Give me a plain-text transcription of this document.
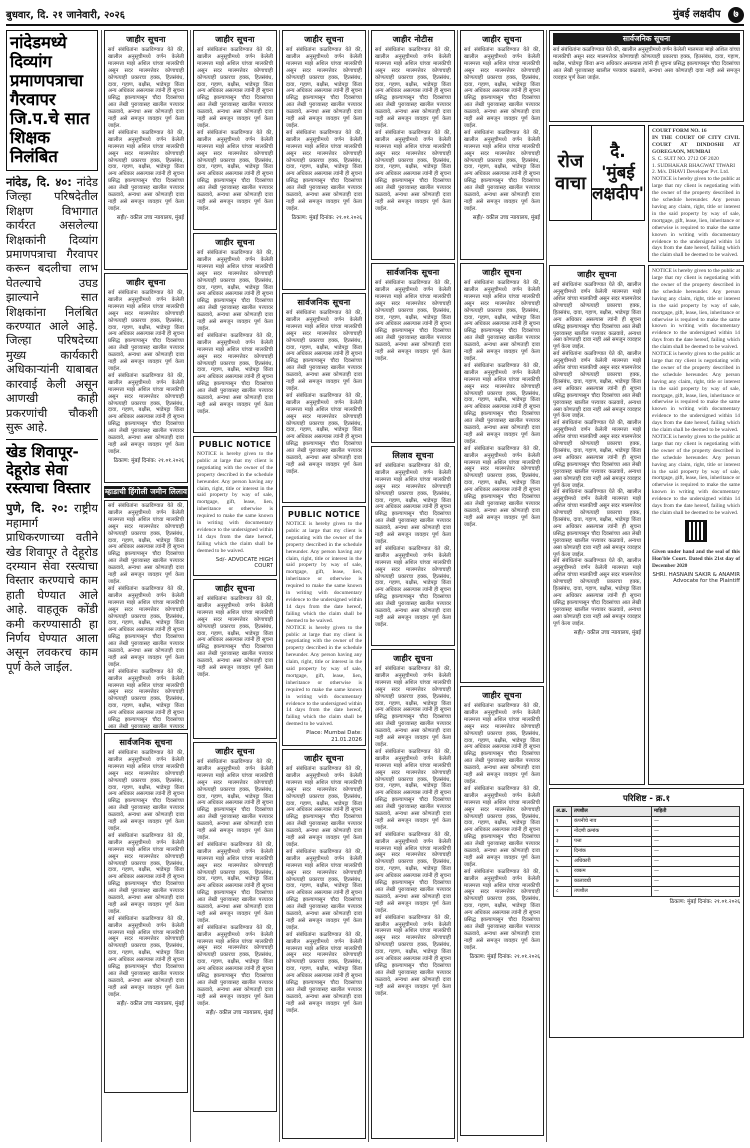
बुधवार, दि. २१ जानेवारी, २०२६	मुंबई लक्षदीप ७
नांदेडमध्ये दिव्यांग प्रमाणपत्राचा गैरवापर जि.प.चे सात शिक्षक निलंबित
नांदेड, दि. ४०: नांदेड जिल्हा परिषदेतील शिक्षण विभागात कार्यरत असलेल्या शिक्षकांनी दिव्यांग प्रमाणपत्राचा गैरवापर करून बदलीचा लाभ घेतल्याचे उघड झाल्याने सात शिक्षकांना निलंबित करण्यात आले आहे. जिल्हा परिषदेच्या मुख्य कार्यकारी अधिकाऱ्यांनी याबाबत कारवाई केली असून आणखी काही प्रकरणांची चौकशी सुरू आहे.
खेड शिवापूर-देहूरोड सेवा रस्त्याचा विस्तार
पुणे, दि. २०: राष्ट्रीय महामार्ग प्राधिकरणाच्या वतीने खेड शिवापूर ते देहूरोड दरम्यान सेवा रस्त्याचा विस्तार करण्याचे काम हाती घेण्यात आले आहे. वाहतूक कोंडी कमी करण्यासाठी हा निर्णय घेण्यात आला असून लवकरच काम पूर्ण केले जाईल.
जाहीर सूचना
सर्व संबंधितांना कळविण्यात येते की, खालील अनुसूचीमध्ये वर्णन केलेली मालमत्ता माझे अशिल यांच्या मालकीची असून सदर मालमत्तेवर कोणाचाही कोणत्याही प्रकारचा हक्क, हितसंबंध, दावा, गहाण, बक्षीस, भाडेपट्टा किंवा अन्य अधिकार असल्यास त्यांनी ही सूचना प्रसिद्ध झाल्यापासून चौदा दिवसांच्या आत लेखी पुराव्यासह खालील पत्त्यावर कळवावे, अन्यथा असा कोणताही दावा नाही असे समजून व्यवहार पूर्ण केला जाईल.
सर्व संबंधितांना कळविण्यात येते की, खालील अनुसूचीमध्ये वर्णन केलेली मालमत्ता माझे अशिल यांच्या मालकीची असून सदर मालमत्तेवर कोणाचाही कोणत्याही प्रकारचा हक्क, हितसंबंध, दावा, गहाण, बक्षीस, भाडेपट्टा किंवा अन्य अधिकार असल्यास त्यांनी ही सूचना प्रसिद्ध झाल्यापासून चौदा दिवसांच्या आत लेखी पुराव्यासह खालील पत्त्यावर कळवावे, अन्यथा असा कोणताही दावा नाही असे समजून व्यवहार पूर्ण केला जाईल.
सही/- वकील उच्च न्यायालय, मुंबई
जाहीर सूचना
सर्व संबंधितांना कळविण्यात येते की, खालील अनुसूचीमध्ये वर्णन केलेली मालमत्ता माझे अशिल यांच्या मालकीची असून सदर मालमत्तेवर कोणाचाही कोणत्याही प्रकारचा हक्क, हितसंबंध, दावा, गहाण, बक्षीस, भाडेपट्टा किंवा अन्य अधिकार असल्यास त्यांनी ही सूचना प्रसिद्ध झाल्यापासून चौदा दिवसांच्या आत लेखी पुराव्यासह खालील पत्त्यावर कळवावे, अन्यथा असा कोणताही दावा नाही असे समजून व्यवहार पूर्ण केला जाईल.
सर्व संबंधितांना कळविण्यात येते की, खालील अनुसूचीमध्ये वर्णन केलेली मालमत्ता माझे अशिल यांच्या मालकीची असून सदर मालमत्तेवर कोणाचाही कोणत्याही प्रकारचा हक्क, हितसंबंध, दावा, गहाण, बक्षीस, भाडेपट्टा किंवा अन्य अधिकार असल्यास त्यांनी ही सूचना प्रसिद्ध झाल्यापासून चौदा दिवसांच्या आत लेखी पुराव्यासह खालील पत्त्यावर कळवावे, अन्यथा असा कोणताही दावा नाही असे समजून व्यवहार पूर्ण केला जाईल.
ठिकाण: मुंबई दिनांक: २१.०१.२०२६
म्हाडाची हिंगोली जमीन लिलाव
सर्व संबंधितांना कळविण्यात येते की, खालील अनुसूचीमध्ये वर्णन केलेली मालमत्ता माझे अशिल यांच्या मालकीची असून सदर मालमत्तेवर कोणाचाही कोणत्याही प्रकारचा हक्क, हितसंबंध, दावा, गहाण, बक्षीस, भाडेपट्टा किंवा अन्य अधिकार असल्यास त्यांनी ही सूचना प्रसिद्ध झाल्यापासून चौदा दिवसांच्या आत लेखी पुराव्यासह खालील पत्त्यावर कळवावे, अन्यथा असा कोणताही दावा नाही असे समजून व्यवहार पूर्ण केला जाईल.
सर्व संबंधितांना कळविण्यात येते की, खालील अनुसूचीमध्ये वर्णन केलेली मालमत्ता माझे अशिल यांच्या मालकीची असून सदर मालमत्तेवर कोणाचाही कोणत्याही प्रकारचा हक्क, हितसंबंध, दावा, गहाण, बक्षीस, भाडेपट्टा किंवा अन्य अधिकार असल्यास त्यांनी ही सूचना प्रसिद्ध झाल्यापासून चौदा दिवसांच्या आत लेखी पुराव्यासह खालील पत्त्यावर कळवावे, अन्यथा असा कोणताही दावा नाही असे समजून व्यवहार पूर्ण केला जाईल.
सर्व संबंधितांना कळविण्यात येते की, खालील अनुसूचीमध्ये वर्णन केलेली मालमत्ता माझे अशिल यांच्या मालकीची असून सदर मालमत्तेवर कोणाचाही कोणत्याही प्रकारचा हक्क, हितसंबंध, दावा, गहाण, बक्षीस, भाडेपट्टा किंवा अन्य अधिकार असल्यास त्यांनी ही सूचना प्रसिद्ध झाल्यापासून चौदा दिवसांच्या आत लेखी पुराव्यासह खालील पत्त्यावर
सार्वजनिक सूचना
सर्व संबंधितांना कळविण्यात येते की, खालील अनुसूचीमध्ये वर्णन केलेली मालमत्ता माझे अशिल यांच्या मालकीची असून सदर मालमत्तेवर कोणाचाही कोणत्याही प्रकारचा हक्क, हितसंबंध, दावा, गहाण, बक्षीस, भाडेपट्टा किंवा अन्य अधिकार असल्यास त्यांनी ही सूचना प्रसिद्ध झाल्यापासून चौदा दिवसांच्या आत लेखी पुराव्यासह खालील पत्त्यावर कळवावे, अन्यथा असा कोणताही दावा नाही असे समजून व्यवहार पूर्ण केला जाईल.
सर्व संबंधितांना कळविण्यात येते की, खालील अनुसूचीमध्ये वर्णन केलेली मालमत्ता माझे अशिल यांच्या मालकीची असून सदर मालमत्तेवर कोणाचाही कोणत्याही प्रकारचा हक्क, हितसंबंध, दावा, गहाण, बक्षीस, भाडेपट्टा किंवा अन्य अधिकार असल्यास त्यांनी ही सूचना प्रसिद्ध झाल्यापासून चौदा दिवसांच्या आत लेखी पुराव्यासह खालील पत्त्यावर कळवावे, अन्यथा असा कोणताही दावा नाही असे समजून व्यवहार पूर्ण केला जाईल.
सर्व संबंधितांना कळविण्यात येते की, खालील अनुसूचीमध्ये वर्णन केलेली मालमत्ता माझे अशिल यांच्या मालकीची असून सदर मालमत्तेवर कोणाचाही कोणत्याही प्रकारचा हक्क, हितसंबंध, दावा, गहाण, बक्षीस, भाडेपट्टा किंवा अन्य अधिकार असल्यास त्यांनी ही सूचना प्रसिद्ध झाल्यापासून चौदा दिवसांच्या आत लेखी पुराव्यासह खालील पत्त्यावर कळवावे, अन्यथा असा कोणताही दावा नाही असे समजून व्यवहार पूर्ण केला जाईल.
सही/- वकील उच्च न्यायालय, मुंबई
जाहीर सूचना
सर्व संबंधितांना कळविण्यात येते की, खालील अनुसूचीमध्ये वर्णन केलेली मालमत्ता माझे अशिल यांच्या मालकीची असून सदर मालमत्तेवर कोणाचाही कोणत्याही प्रकारचा हक्क, हितसंबंध, दावा, गहाण, बक्षीस, भाडेपट्टा किंवा अन्य अधिकार असल्यास त्यांनी ही सूचना प्रसिद्ध झाल्यापासून चौदा दिवसांच्या आत लेखी पुराव्यासह खालील पत्त्यावर कळवावे, अन्यथा असा कोणताही दावा नाही असे समजून व्यवहार पूर्ण केला जाईल.
सर्व संबंधितांना कळविण्यात येते की, खालील अनुसूचीमध्ये वर्णन केलेली मालमत्ता माझे अशिल यांच्या मालकीची असून सदर मालमत्तेवर कोणाचाही कोणत्याही प्रकारचा हक्क, हितसंबंध, दावा, गहाण, बक्षीस, भाडेपट्टा किंवा अन्य अधिकार असल्यास त्यांनी ही सूचना प्रसिद्ध झाल्यापासून चौदा दिवसांच्या आत लेखी पुराव्यासह खालील पत्त्यावर कळवावे, अन्यथा असा कोणताही दावा नाही असे समजून व्यवहार पूर्ण केला जाईल.
जाहीर सूचना
सर्व संबंधितांना कळविण्यात येते की, खालील अनुसूचीमध्ये वर्णन केलेली मालमत्ता माझे अशिल यांच्या मालकीची असून सदर मालमत्तेवर कोणाचाही कोणत्याही प्रकारचा हक्क, हितसंबंध, दावा, गहाण, बक्षीस, भाडेपट्टा किंवा अन्य अधिकार असल्यास त्यांनी ही सूचना प्रसिद्ध झाल्यापासून चौदा दिवसांच्या आत लेखी पुराव्यासह खालील पत्त्यावर कळवावे, अन्यथा असा कोणताही दावा नाही असे समजून व्यवहार पूर्ण केला जाईल.
सर्व संबंधितांना कळविण्यात येते की, खालील अनुसूचीमध्ये वर्णन केलेली मालमत्ता माझे अशिल यांच्या मालकीची असून सदर मालमत्तेवर कोणाचाही कोणत्याही प्रकारचा हक्क, हितसंबंध, दावा, गहाण, बक्षीस, भाडेपट्टा किंवा अन्य अधिकार असल्यास त्यांनी ही सूचना प्रसिद्ध झाल्यापासून चौदा दिवसांच्या आत लेखी पुराव्यासह खालील पत्त्यावर कळवावे, अन्यथा असा कोणताही दावा नाही असे समजून व्यवहार पूर्ण केला जाईल.
PUBLIC NOTICE
NOTICE is hereby given to the public at large that my client is negotiating with the owner of the property described in the schedule hereunder. Any person having any claim, right, title or interest in the said property by way of sale, mortgage, gift, lease, lien, inheritance or otherwise is required to make the same known in writing with documentary evidence to the undersigned within 14 days from the date hereof, failing which the claim shall be deemed to be waived.
Sd/- ADVOCATE HIGH COURT
जाहीर सूचना
सर्व संबंधितांना कळविण्यात येते की, खालील अनुसूचीमध्ये वर्णन केलेली मालमत्ता माझे अशिल यांच्या मालकीची असून सदर मालमत्तेवर कोणाचाही कोणत्याही प्रकारचा हक्क, हितसंबंध, दावा, गहाण, बक्षीस, भाडेपट्टा किंवा अन्य अधिकार असल्यास त्यांनी ही सूचना प्रसिद्ध झाल्यापासून चौदा दिवसांच्या आत लेखी पुराव्यासह खालील पत्त्यावर कळवावे, अन्यथा असा कोणताही दावा नाही असे समजून व्यवहार पूर्ण केला जाईल.
जाहीर सूचना
सर्व संबंधितांना कळविण्यात येते की, खालील अनुसूचीमध्ये वर्णन केलेली मालमत्ता माझे अशिल यांच्या मालकीची असून सदर मालमत्तेवर कोणाचाही कोणत्याही प्रकारचा हक्क, हितसंबंध, दावा, गहाण, बक्षीस, भाडेपट्टा किंवा अन्य अधिकार असल्यास त्यांनी ही सूचना प्रसिद्ध झाल्यापासून चौदा दिवसांच्या आत लेखी पुराव्यासह खालील पत्त्यावर कळवावे, अन्यथा असा कोणताही दावा नाही असे समजून व्यवहार पूर्ण केला जाईल.
सर्व संबंधितांना कळविण्यात येते की, खालील अनुसूचीमध्ये वर्णन केलेली मालमत्ता माझे अशिल यांच्या मालकीची असून सदर मालमत्तेवर कोणाचाही कोणत्याही प्रकारचा हक्क, हितसंबंध, दावा, गहाण, बक्षीस, भाडेपट्टा किंवा अन्य अधिकार असल्यास त्यांनी ही सूचना प्रसिद्ध झाल्यापासून चौदा दिवसांच्या आत लेखी पुराव्यासह खालील पत्त्यावर कळवावे, अन्यथा असा कोणताही दावा नाही असे समजून व्यवहार पूर्ण केला जाईल.
सर्व संबंधितांना कळविण्यात येते की, खालील अनुसूचीमध्ये वर्णन केलेली मालमत्ता माझे अशिल यांच्या मालकीची असून सदर मालमत्तेवर कोणाचाही कोणत्याही प्रकारचा हक्क, हितसंबंध, दावा, गहाण, बक्षीस, भाडेपट्टा किंवा अन्य अधिकार असल्यास त्यांनी ही सूचना प्रसिद्ध झाल्यापासून चौदा दिवसांच्या आत लेखी पुराव्यासह खालील पत्त्यावर कळवावे, अन्यथा असा कोणताही दावा नाही असे समजून व्यवहार पूर्ण केला जाईल.
सही/- वकील उच्च न्यायालय, मुंबई
जाहीर सूचना
सर्व संबंधितांना कळविण्यात येते की, खालील अनुसूचीमध्ये वर्णन केलेली मालमत्ता माझे अशिल यांच्या मालकीची असून सदर मालमत्तेवर कोणाचाही कोणत्याही प्रकारचा हक्क, हितसंबंध, दावा, गहाण, बक्षीस, भाडेपट्टा किंवा अन्य अधिकार असल्यास त्यांनी ही सूचना प्रसिद्ध झाल्यापासून चौदा दिवसांच्या आत लेखी पुराव्यासह खालील पत्त्यावर कळवावे, अन्यथा असा कोणताही दावा नाही असे समजून व्यवहार पूर्ण केला जाईल.
सर्व संबंधितांना कळविण्यात येते की, खालील अनुसूचीमध्ये वर्णन केलेली मालमत्ता माझे अशिल यांच्या मालकीची असून सदर मालमत्तेवर कोणाचाही कोणत्याही प्रकारचा हक्क, हितसंबंध, दावा, गहाण, बक्षीस, भाडेपट्टा किंवा अन्य अधिकार असल्यास त्यांनी ही सूचना प्रसिद्ध झाल्यापासून चौदा दिवसांच्या आत लेखी पुराव्यासह खालील पत्त्यावर कळवावे, अन्यथा असा कोणताही दावा नाही असे समजून व्यवहार पूर्ण केला जाईल.
ठिकाण: मुंबई दिनांक: २१.०१.२०२६
सार्वजनिक सूचना
सर्व संबंधितांना कळविण्यात येते की, खालील अनुसूचीमध्ये वर्णन केलेली मालमत्ता माझे अशिल यांच्या मालकीची असून सदर मालमत्तेवर कोणाचाही कोणत्याही प्रकारचा हक्क, हितसंबंध, दावा, गहाण, बक्षीस, भाडेपट्टा किंवा अन्य अधिकार असल्यास त्यांनी ही सूचना प्रसिद्ध झाल्यापासून चौदा दिवसांच्या आत लेखी पुराव्यासह खालील पत्त्यावर कळवावे, अन्यथा असा कोणताही दावा नाही असे समजून व्यवहार पूर्ण केला जाईल.
सर्व संबंधितांना कळविण्यात येते की, खालील अनुसूचीमध्ये वर्णन केलेली मालमत्ता माझे अशिल यांच्या मालकीची असून सदर मालमत्तेवर कोणाचाही कोणत्याही प्रकारचा हक्क, हितसंबंध, दावा, गहाण, बक्षीस, भाडेपट्टा किंवा अन्य अधिकार असल्यास त्यांनी ही सूचना प्रसिद्ध झाल्यापासून चौदा दिवसांच्या आत लेखी पुराव्यासह खालील पत्त्यावर कळवावे, अन्यथा असा कोणताही दावा नाही असे समजून व्यवहार पूर्ण केला जाईल.
PUBLIC NOTICE
NOTICE is hereby given to the public at large that my client is negotiating with the owner of the property described in the schedule hereunder. Any person having any claim, right, title or interest in the said property by way of sale, mortgage, gift, lease, lien, inheritance or otherwise is required to make the same known in writing with documentary evidence to the undersigned within 14 days from the date hereof, failing which the claim shall be deemed to be waived.
NOTICE is hereby given to the public at large that my client is negotiating with the owner of the property described in the schedule hereunder. Any person having any claim, right, title or interest in the said property by way of sale, mortgage, gift, lease, lien, inheritance or otherwise is required to make the same known in writing with documentary evidence to the undersigned within 14 days from the date hereof, failing which the claim shall be deemed to be waived.
Place: Mumbai Date: 21.01.2026
जाहीर सूचना
सर्व संबंधितांना कळविण्यात येते की, खालील अनुसूचीमध्ये वर्णन केलेली मालमत्ता माझे अशिल यांच्या मालकीची असून सदर मालमत्तेवर कोणाचाही कोणत्याही प्रकारचा हक्क, हितसंबंध, दावा, गहाण, बक्षीस, भाडेपट्टा किंवा अन्य अधिकार असल्यास त्यांनी ही सूचना प्रसिद्ध झाल्यापासून चौदा दिवसांच्या आत लेखी पुराव्यासह खालील पत्त्यावर कळवावे, अन्यथा असा कोणताही दावा नाही असे समजून व्यवहार पूर्ण केला जाईल.
सर्व संबंधितांना कळविण्यात येते की, खालील अनुसूचीमध्ये वर्णन केलेली मालमत्ता माझे अशिल यांच्या मालकीची असून सदर मालमत्तेवर कोणाचाही कोणत्याही प्रकारचा हक्क, हितसंबंध, दावा, गहाण, बक्षीस, भाडेपट्टा किंवा अन्य अधिकार असल्यास त्यांनी ही सूचना प्रसिद्ध झाल्यापासून चौदा दिवसांच्या आत लेखी पुराव्यासह खालील पत्त्यावर कळवावे, अन्यथा असा कोणताही दावा नाही असे समजून व्यवहार पूर्ण केला जाईल.
सर्व संबंधितांना कळविण्यात येते की, खालील अनुसूचीमध्ये वर्णन केलेली मालमत्ता माझे अशिल यांच्या मालकीची असून सदर मालमत्तेवर कोणाचाही कोणत्याही प्रकारचा हक्क, हितसंबंध, दावा, गहाण, बक्षीस, भाडेपट्टा किंवा अन्य अधिकार असल्यास त्यांनी ही सूचना प्रसिद्ध झाल्यापासून चौदा दिवसांच्या आत लेखी पुराव्यासह खालील पत्त्यावर कळवावे, अन्यथा असा कोणताही दावा नाही असे समजून व्यवहार पूर्ण केला जाईल.
जाहीर नोटीस
सर्व संबंधितांना कळविण्यात येते की, खालील अनुसूचीमध्ये वर्णन केलेली मालमत्ता माझे अशिल यांच्या मालकीची असून सदर मालमत्तेवर कोणाचाही कोणत्याही प्रकारचा हक्क, हितसंबंध, दावा, गहाण, बक्षीस, भाडेपट्टा किंवा अन्य अधिकार असल्यास त्यांनी ही सूचना प्रसिद्ध झाल्यापासून चौदा दिवसांच्या आत लेखी पुराव्यासह खालील पत्त्यावर कळवावे, अन्यथा असा कोणताही दावा नाही असे समजून व्यवहार पूर्ण केला जाईल.
सर्व संबंधितांना कळविण्यात येते की, खालील अनुसूचीमध्ये वर्णन केलेली मालमत्ता माझे अशिल यांच्या मालकीची असून सदर मालमत्तेवर कोणाचाही कोणत्याही प्रकारचा हक्क, हितसंबंध, दावा, गहाण, बक्षीस, भाडेपट्टा किंवा अन्य अधिकार असल्यास त्यांनी ही सूचना प्रसिद्ध झाल्यापासून चौदा दिवसांच्या आत लेखी पुराव्यासह खालील पत्त्यावर कळवावे, अन्यथा असा कोणताही दावा नाही असे समजून व्यवहार पूर्ण केला जाईल.
सार्वजनिक सूचना
सर्व संबंधितांना कळविण्यात येते की, खालील अनुसूचीमध्ये वर्णन केलेली मालमत्ता माझे अशिल यांच्या मालकीची असून सदर मालमत्तेवर कोणाचाही कोणत्याही प्रकारचा हक्क, हितसंबंध, दावा, गहाण, बक्षीस, भाडेपट्टा किंवा अन्य अधिकार असल्यास त्यांनी ही सूचना प्रसिद्ध झाल्यापासून चौदा दिवसांच्या आत लेखी पुराव्यासह खालील पत्त्यावर कळवावे, अन्यथा असा कोणताही दावा नाही असे समजून व्यवहार पूर्ण केला जाईल.
लिलाव सूचना
सर्व संबंधितांना कळविण्यात येते की, खालील अनुसूचीमध्ये वर्णन केलेली मालमत्ता माझे अशिल यांच्या मालकीची असून सदर मालमत्तेवर कोणाचाही कोणत्याही प्रकारचा हक्क, हितसंबंध, दावा, गहाण, बक्षीस, भाडेपट्टा किंवा अन्य अधिकार असल्यास त्यांनी ही सूचना प्रसिद्ध झाल्यापासून चौदा दिवसांच्या आत लेखी पुराव्यासह खालील पत्त्यावर कळवावे, अन्यथा असा कोणताही दावा नाही असे समजून व्यवहार पूर्ण केला जाईल.
सर्व संबंधितांना कळविण्यात येते की, खालील अनुसूचीमध्ये वर्णन केलेली मालमत्ता माझे अशिल यांच्या मालकीची असून सदर मालमत्तेवर कोणाचाही कोणत्याही प्रकारचा हक्क, हितसंबंध, दावा, गहाण, बक्षीस, भाडेपट्टा किंवा अन्य अधिकार असल्यास त्यांनी ही सूचना प्रसिद्ध झाल्यापासून चौदा दिवसांच्या आत लेखी पुराव्यासह खालील पत्त्यावर कळवावे, अन्यथा असा कोणताही दावा नाही असे समजून व्यवहार पूर्ण केला जाईल.
जाहीर सूचना
सर्व संबंधितांना कळविण्यात येते की, खालील अनुसूचीमध्ये वर्णन केलेली मालमत्ता माझे अशिल यांच्या मालकीची असून सदर मालमत्तेवर कोणाचाही कोणत्याही प्रकारचा हक्क, हितसंबंध, दावा, गहाण, बक्षीस, भाडेपट्टा किंवा अन्य अधिकार असल्यास त्यांनी ही सूचना प्रसिद्ध झाल्यापासून चौदा दिवसांच्या आत लेखी पुराव्यासह खालील पत्त्यावर कळवावे, अन्यथा असा कोणताही दावा नाही असे समजून व्यवहार पूर्ण केला जाईल.
सर्व संबंधितांना कळविण्यात येते की, खालील अनुसूचीमध्ये वर्णन केलेली मालमत्ता माझे अशिल यांच्या मालकीची असून सदर मालमत्तेवर कोणाचाही कोणत्याही प्रकारचा हक्क, हितसंबंध, दावा, गहाण, बक्षीस, भाडेपट्टा किंवा अन्य अधिकार असल्यास त्यांनी ही सूचना प्रसिद्ध झाल्यापासून चौदा दिवसांच्या आत लेखी पुराव्यासह खालील पत्त्यावर कळवावे, अन्यथा असा कोणताही दावा नाही असे समजून व्यवहार पूर्ण केला जाईल.
सर्व संबंधितांना कळविण्यात येते की, खालील अनुसूचीमध्ये वर्णन केलेली मालमत्ता माझे अशिल यांच्या मालकीची असून सदर मालमत्तेवर कोणाचाही कोणत्याही प्रकारचा हक्क, हितसंबंध, दावा, गहाण, बक्षीस, भाडेपट्टा किंवा अन्य अधिकार असल्यास त्यांनी ही सूचना प्रसिद्ध झाल्यापासून चौदा दिवसांच्या आत लेखी पुराव्यासह खालील पत्त्यावर कळवावे, अन्यथा असा कोणताही दावा नाही असे समजून व्यवहार पूर्ण केला जाईल.
सर्व संबंधितांना कळविण्यात येते की, खालील अनुसूचीमध्ये वर्णन केलेली मालमत्ता माझे अशिल यांच्या मालकीची असून सदर मालमत्तेवर कोणाचाही कोणत्याही प्रकारचा हक्क, हितसंबंध, दावा, गहाण, बक्षीस, भाडेपट्टा किंवा अन्य अधिकार असल्यास त्यांनी ही सूचना प्रसिद्ध झाल्यापासून चौदा दिवसांच्या आत लेखी पुराव्यासह खालील पत्त्यावर कळवावे, अन्यथा असा कोणताही दावा नाही असे समजून व्यवहार पूर्ण केला जाईल.
जाहीर सूचना
सर्व संबंधितांना कळविण्यात येते की, खालील अनुसूचीमध्ये वर्णन केलेली मालमत्ता माझे अशिल यांच्या मालकीची असून सदर मालमत्तेवर कोणाचाही कोणत्याही प्रकारचा हक्क, हितसंबंध, दावा, गहाण, बक्षीस, भाडेपट्टा किंवा अन्य अधिकार असल्यास त्यांनी ही सूचना प्रसिद्ध झाल्यापासून चौदा दिवसांच्या आत लेखी पुराव्यासह खालील पत्त्यावर कळवावे, अन्यथा असा कोणताही दावा नाही असे समजून व्यवहार पूर्ण केला जाईल.
सर्व संबंधितांना कळविण्यात येते की, खालील अनुसूचीमध्ये वर्णन केलेली मालमत्ता माझे अशिल यांच्या मालकीची असून सदर मालमत्तेवर कोणाचाही कोणत्याही प्रकारचा हक्क, हितसंबंध, दावा, गहाण, बक्षीस, भाडेपट्टा किंवा अन्य अधिकार असल्यास त्यांनी ही सूचना प्रसिद्ध झाल्यापासून चौदा दिवसांच्या आत लेखी पुराव्यासह खालील पत्त्यावर कळवावे, अन्यथा असा कोणताही दावा नाही असे समजून व्यवहार पूर्ण केला जाईल.
सही/- वकील उच्च न्यायालय, मुंबई
जाहीर सूचना
सर्व संबंधितांना कळविण्यात येते की, खालील अनुसूचीमध्ये वर्णन केलेली मालमत्ता माझे अशिल यांच्या मालकीची असून सदर मालमत्तेवर कोणाचाही कोणत्याही प्रकारचा हक्क, हितसंबंध, दावा, गहाण, बक्षीस, भाडेपट्टा किंवा अन्य अधिकार असल्यास त्यांनी ही सूचना प्रसिद्ध झाल्यापासून चौदा दिवसांच्या आत लेखी पुराव्यासह खालील पत्त्यावर कळवावे, अन्यथा असा कोणताही दावा नाही असे समजून व्यवहार पूर्ण केला जाईल.
सर्व संबंधितांना कळविण्यात येते की, खालील अनुसूचीमध्ये वर्णन केलेली मालमत्ता माझे अशिल यांच्या मालकीची असून सदर मालमत्तेवर कोणाचाही कोणत्याही प्रकारचा हक्क, हितसंबंध, दावा, गहाण, बक्षीस, भाडेपट्टा किंवा अन्य अधिकार असल्यास त्यांनी ही सूचना प्रसिद्ध झाल्यापासून चौदा दिवसांच्या आत लेखी पुराव्यासह खालील पत्त्यावर कळवावे, अन्यथा असा कोणताही दावा नाही असे समजून व्यवहार पूर्ण केला जाईल.
सर्व संबंधितांना कळविण्यात येते की, खालील अनुसूचीमध्ये वर्णन केलेली मालमत्ता माझे अशिल यांच्या मालकीची असून सदर मालमत्तेवर कोणाचाही कोणत्याही प्रकारचा हक्क, हितसंबंध, दावा, गहाण, बक्षीस, भाडेपट्टा किंवा अन्य अधिकार असल्यास त्यांनी ही सूचना प्रसिद्ध झाल्यापासून चौदा दिवसांच्या आत लेखी पुराव्यासह खालील पत्त्यावर कळवावे, अन्यथा असा कोणताही दावा नाही असे समजून व्यवहार पूर्ण केला जाईल.
जाहीर सूचना
सर्व संबंधितांना कळविण्यात येते की, खालील अनुसूचीमध्ये वर्णन केलेली मालमत्ता माझे अशिल यांच्या मालकीची असून सदर मालमत्तेवर कोणाचाही कोणत्याही प्रकारचा हक्क, हितसंबंध, दावा, गहाण, बक्षीस, भाडेपट्टा किंवा अन्य अधिकार असल्यास त्यांनी ही सूचना प्रसिद्ध झाल्यापासून चौदा दिवसांच्या आत लेखी पुराव्यासह खालील पत्त्यावर कळवावे, अन्यथा असा कोणताही दावा नाही असे समजून व्यवहार पूर्ण केला जाईल.
सर्व संबंधितांना कळविण्यात येते की, खालील अनुसूचीमध्ये वर्णन केलेली मालमत्ता माझे अशिल यांच्या मालकीची असून सदर मालमत्तेवर कोणाचाही कोणत्याही प्रकारचा हक्क, हितसंबंध, दावा, गहाण, बक्षीस, भाडेपट्टा किंवा अन्य अधिकार असल्यास त्यांनी ही सूचना प्रसिद्ध झाल्यापासून चौदा दिवसांच्या आत लेखी पुराव्यासह खालील पत्त्यावर कळवावे, अन्यथा असा कोणताही दावा नाही असे समजून व्यवहार पूर्ण केला जाईल.
सर्व संबंधितांना कळविण्यात येते की, खालील अनुसूचीमध्ये वर्णन केलेली मालमत्ता माझे अशिल यांच्या मालकीची असून सदर मालमत्तेवर कोणाचाही कोणत्याही प्रकारचा हक्क, हितसंबंध, दावा, गहाण, बक्षीस, भाडेपट्टा किंवा अन्य अधिकार असल्यास त्यांनी ही सूचना प्रसिद्ध झाल्यापासून चौदा दिवसांच्या आत लेखी पुराव्यासह खालील पत्त्यावर कळवावे, अन्यथा असा कोणताही दावा नाही असे समजून व्यवहार पूर्ण केला जाईल.
ठिकाण: मुंबई दिनांक: २१.०१.२०२६
सार्वजनिक सूचना
सर्व संबंधितांना कळविण्यात येते की, खालील अनुसूचीमध्ये वर्णन केलेली मालमत्ता माझे अशिल यांच्या मालकीची असून सदर मालमत्तेवर कोणाचाही कोणत्याही प्रकारचा हक्क, हितसंबंध, दावा, गहाण, बक्षीस, भाडेपट्टा किंवा अन्य अधिकार असल्यास त्यांनी ही सूचना प्रसिद्ध झाल्यापासून चौदा दिवसांच्या आत लेखी पुराव्यासह खालील पत्त्यावर कळवावे, अन्यथा असा कोणताही दावा नाही असे समजून व्यवहार पूर्ण केला जाईल.
रोज
वाचा
दै. 'मुंबई लक्षदीप'
COURT FORM NO. 16
IN THE COURT OF CITY CIVIL COURT AT DINDOSHI AT GOREGAON, MUMBAI
S. C. SUIT NO. 2712 OF 2020
1. SUDHAKAR BHAGWAT TIWARI
2. M/s. DHAVI Developer Pvt. Ltd.
NOTICE is hereby given to the public at large that my client is negotiating with the owner of the property described in the schedule hereunder. Any person having any claim, right, title or interest in the said property by way of sale, mortgage, gift, lease, lien, inheritance or otherwise is required to make the same known in writing with documentary evidence to the undersigned within 14 days from the date hereof, failing which the claim shall be deemed to be waived.
जाहीर सूचना
सर्व संबंधितांना कळविण्यात येते की, खालील अनुसूचीमध्ये वर्णन केलेली मालमत्ता माझे अशिल यांच्या मालकीची असून सदर मालमत्तेवर कोणाचाही कोणत्याही प्रकारचा हक्क, हितसंबंध, दावा, गहाण, बक्षीस, भाडेपट्टा किंवा अन्य अधिकार असल्यास त्यांनी ही सूचना प्रसिद्ध झाल्यापासून चौदा दिवसांच्या आत लेखी पुराव्यासह खालील पत्त्यावर कळवावे, अन्यथा असा कोणताही दावा नाही असे समजून व्यवहार पूर्ण केला जाईल.
सर्व संबंधितांना कळविण्यात येते की, खालील अनुसूचीमध्ये वर्णन केलेली मालमत्ता माझे अशिल यांच्या मालकीची असून सदर मालमत्तेवर कोणाचाही कोणत्याही प्रकारचा हक्क, हितसंबंध, दावा, गहाण, बक्षीस, भाडेपट्टा किंवा अन्य अधिकार असल्यास त्यांनी ही सूचना प्रसिद्ध झाल्यापासून चौदा दिवसांच्या आत लेखी पुराव्यासह खालील पत्त्यावर कळवावे, अन्यथा असा कोणताही दावा नाही असे समजून व्यवहार पूर्ण केला जाईल.
सर्व संबंधितांना कळविण्यात येते की, खालील अनुसूचीमध्ये वर्णन केलेली मालमत्ता माझे अशिल यांच्या मालकीची असून सदर मालमत्तेवर कोणाचाही कोणत्याही प्रकारचा हक्क, हितसंबंध, दावा, गहाण, बक्षीस, भाडेपट्टा किंवा अन्य अधिकार असल्यास त्यांनी ही सूचना प्रसिद्ध झाल्यापासून चौदा दिवसांच्या आत लेखी पुराव्यासह खालील पत्त्यावर कळवावे, अन्यथा असा कोणताही दावा नाही असे समजून व्यवहार पूर्ण केला जाईल.
सर्व संबंधितांना कळविण्यात येते की, खालील अनुसूचीमध्ये वर्णन केलेली मालमत्ता माझे अशिल यांच्या मालकीची असून सदर मालमत्तेवर कोणाचाही कोणत्याही प्रकारचा हक्क, हितसंबंध, दावा, गहाण, बक्षीस, भाडेपट्टा किंवा अन्य अधिकार असल्यास त्यांनी ही सूचना प्रसिद्ध झाल्यापासून चौदा दिवसांच्या आत लेखी पुराव्यासह खालील पत्त्यावर कळवावे, अन्यथा असा कोणताही दावा नाही असे समजून व्यवहार पूर्ण केला जाईल.
सर्व संबंधितांना कळविण्यात येते की, खालील अनुसूचीमध्ये वर्णन केलेली मालमत्ता माझे अशिल यांच्या मालकीची असून सदर मालमत्तेवर कोणाचाही कोणत्याही प्रकारचा हक्क, हितसंबंध, दावा, गहाण, बक्षीस, भाडेपट्टा किंवा अन्य अधिकार असल्यास त्यांनी ही सूचना प्रसिद्ध झाल्यापासून चौदा दिवसांच्या आत लेखी पुराव्यासह खालील पत्त्यावर कळवावे, अन्यथा असा कोणताही दावा नाही असे समजून व्यवहार पूर्ण केला जाईल.
सही/- वकील उच्च न्यायालय, मुंबई
NOTICE is hereby given to the public at large that my client is negotiating with the owner of the property described in the schedule hereunder. Any person having any claim, right, title or interest in the said property by way of sale, mortgage, gift, lease, lien, inheritance or otherwise is required to make the same known in writing with documentary evidence to the undersigned within 14 days from the date hereof, failing which the claim shall be deemed to be waived.
NOTICE is hereby given to the public at large that my client is negotiating with the owner of the property described in the schedule hereunder. Any person having any claim, right, title or interest in the said property by way of sale, mortgage, gift, lease, lien, inheritance or otherwise is required to make the same known in writing with documentary evidence to the undersigned within 14 days from the date hereof, failing which the claim shall be deemed to be waived.
NOTICE is hereby given to the public at large that my client is negotiating with the owner of the property described in the schedule hereunder. Any person having any claim, right, title or interest in the said property by way of sale, mortgage, gift, lease, lien, inheritance or otherwise is required to make the same known in writing with documentary evidence to the undersigned within 14 days from the date hereof, failing which the claim shall be deemed to be waived.
Given under hand and the seal of this Hon'ble Court. Dated this 21st day of December 2020
SHRI. HASNAIN SAKIR & ANAMIR Advocate for the Plaintiff
परिशिष्ट - क्र.१
अ.क्र.	तपशील	माहिती
१	कंपनीचे नाव	—
२	नोंदणी क्रमांक	—
३	पत्ता	—
४	दिनांक	—
५	अधिकारी	—
६	रक्कम	—
७	कालावधी	—
८	तपशील	—
ठिकाण: मुंबई दिनांक: २१.०१.२०२६
